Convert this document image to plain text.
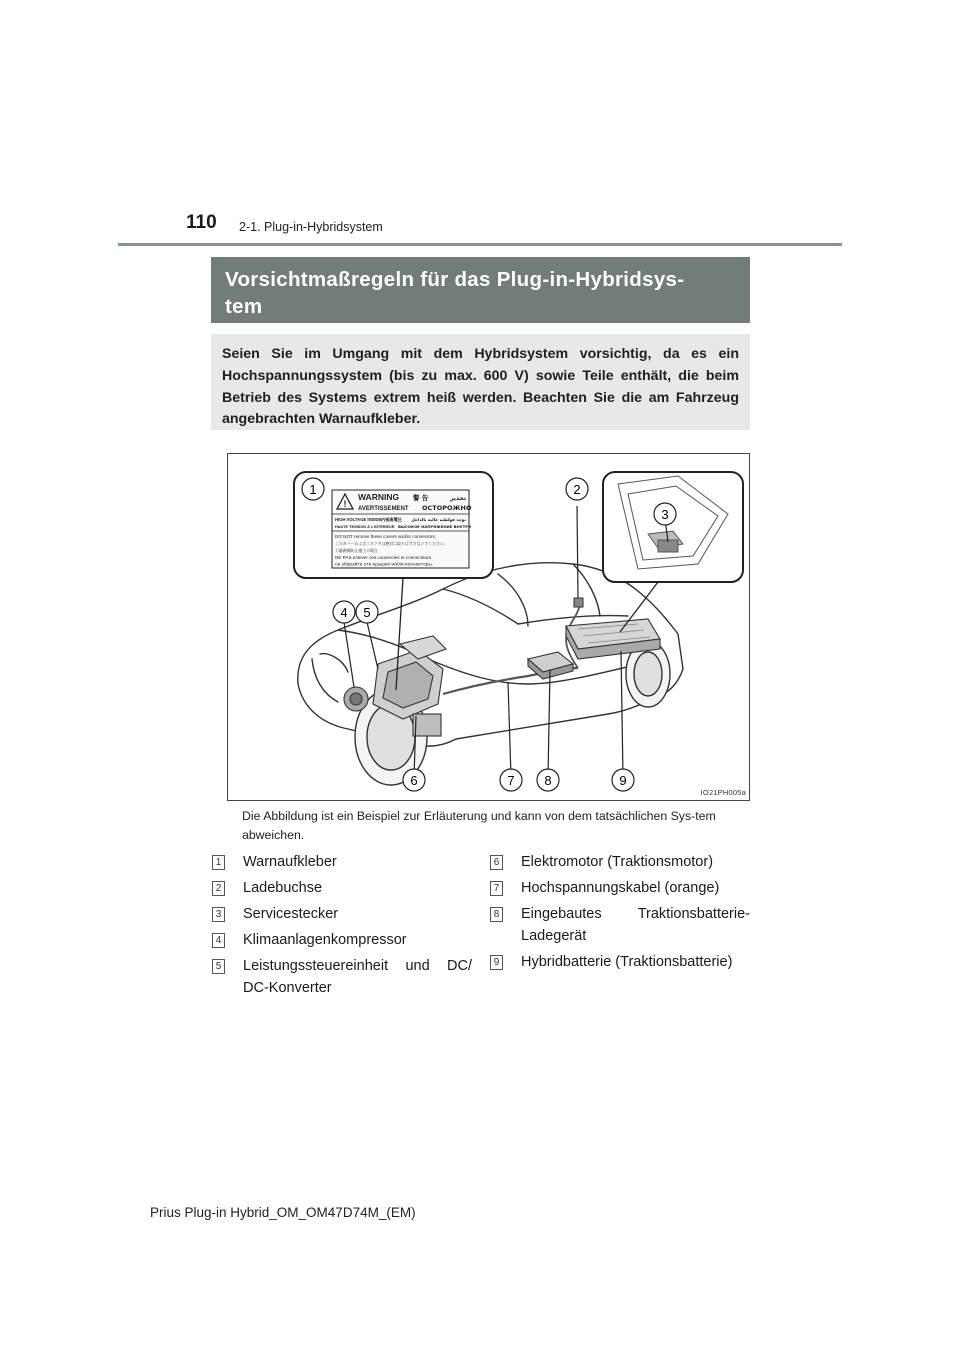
110 2-1. Plug-in-Hybridsystem
Vorsichtmaßregeln für das Plug-in-Hybridsys-
tem
Seien Sie im Umgang mit dem Hybridsystem vorsichtig, da es ein Hochspannungssystem (bis zu max. 600 V) sowie Teile enthält, die beim Betrieb des Systems extrem heiß werden. Beachten Sie die am Fahrzeug angebrachten Warnaufkleber.
!
WARNING 警 告	تحذير
AVERTISSEMENT ОСТОРОЖНО
HIGH VOLTAGE INSIDE 内部高電圧 توجد فولطية عالية بالداخل
HAUTE TENSION À L'INTÉRIEUR ВЫСОКОЕ НАПРЯЖЕНИЕ ВНУТРИ
DO NOT remove these covers and/or connectors.
このカバーおよびコネクタは絶対に取りはずさないでください。
不審腐蝕防止施工の場合
NE PAS enlever ces couvercles et connecteurs.
не убирайте эти крышки и/или коннекторы.
1	2
3
4 5
6	7 8	9
IO21PH005a
Die Abbildung ist ein Beispiel zur Erläuterung und kann von dem tatsächlichen Sys-tem abweichen.
1 Warnaufkleber
2 Ladebuchse
3 Servicestecker
4 Klimaanlagenkompressor
5 Leistungssteuereinheit und DC/ DC-Konverter
6 Elektromotor (Traktionsmotor)
7 Hochspannungskabel (orange)
8 Eingebautes Traktionsbatterie-Ladegerät
9 Hybridbatterie (Traktionsbatterie)
Prius Plug-in Hybrid_OM_OM47D74M_(EM)
